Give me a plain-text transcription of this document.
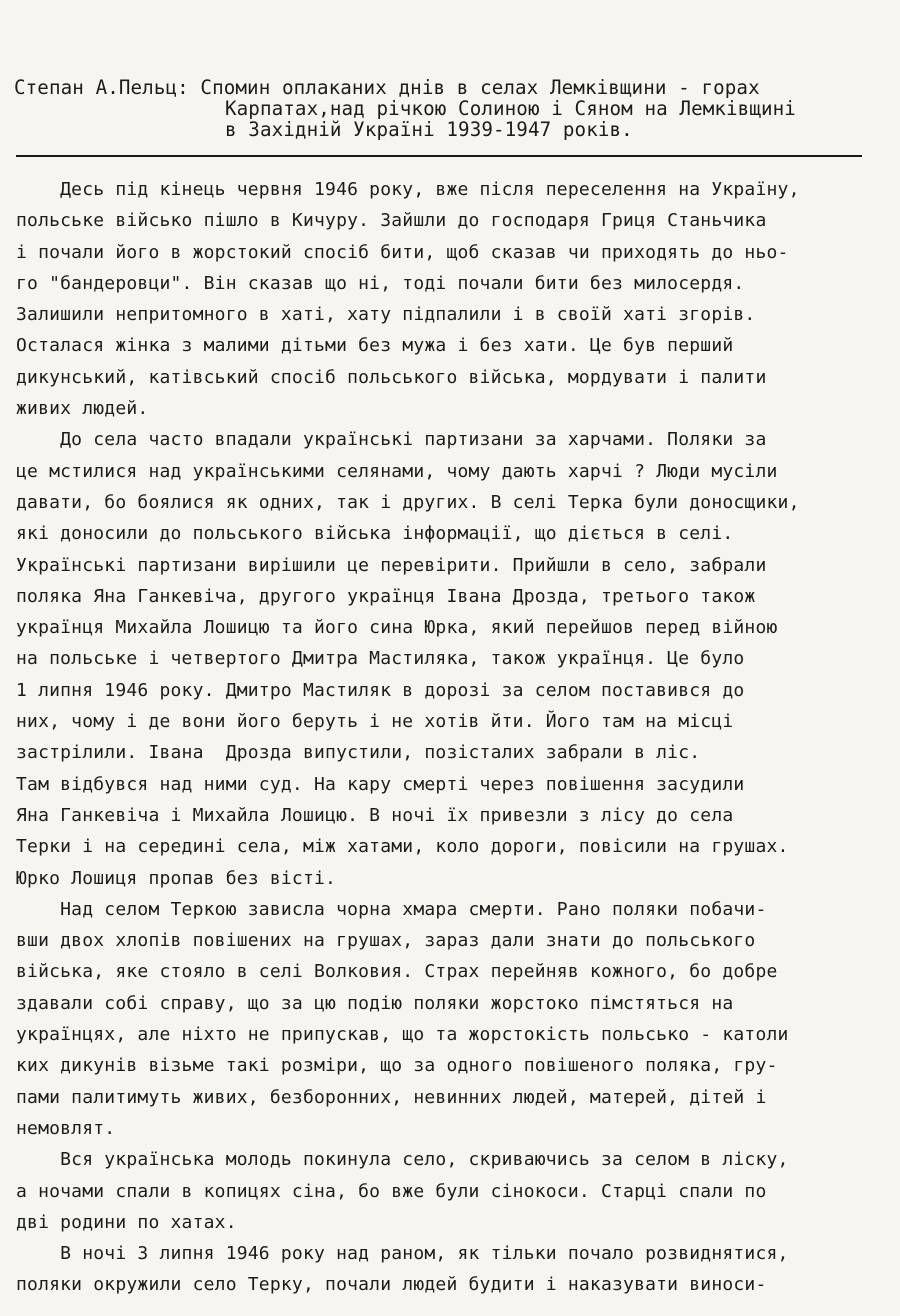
Степан А.Пельц: Спомин оплаканих днів в селах Лемківщини - горах
Карпатах,над річкою Солиною і Сяном на Лемківщині
в Західній Україні 1939-1947 років.
Десь під кінець червня 1946 року, вже після переселення на Україну,
польське військо пішло в Кичуру. Зайшли до господаря Гриця Станьчика
і почали його в жорстокий спосіб бити, щоб сказав чи приходять до ньо-
го "бандеровци". Він сказав що ні, тоді почали бити без милосердя.
Залишили непритомного в хаті, хату підпалили і в своїй хаті згорів.
Осталася жінка з малими дітьми без мужа і без хати. Це був перший
дикунський, катівський спосіб польського війська, мордувати і палити
живих людей.
До села часто впадали українські партизани за харчами. Поляки за
це мстилися над українськими селянами, чому дають харчі ? Люди мусіли
давати, бо боялися як одних, так і других. В селі Терка були доносщики,
які доносили до польського війська інформації, що діється в селі.
Українські партизани вирішили це перевірити. Прийшли в село, забрали
поляка Яна Ганкевіча, другого українця Івана Дрозда, третього також
українця Михайла Лошицю та його сина Юрка, який перейшов перед війною
на польське і четвертого Дмитра Мастиляка, також українця. Це було
1 липня 1946 року. Дмитро Мастиляк в дорозі за селом поставився до
них, чому і де вони його беруть і не хотів йти. Його там на місці
застрілили. Івана  Дрозда випустили, позісталих забрали в ліс.
Там відбувся над ними суд. На кару смерті через повішення засудили
Яна Ганкевіча і Михайла Лошицю. В ночі їх привезли з лісу до села
Терки і на середині села, між хатами, коло дороги, повісили на грушах.
Юрко Лошиця пропав без вісті.
Над селом Теркою зависла чорна хмара смерти. Рано поляки побачи-
вши двох хлопів повішених на грушах, зараз дали знати до польського
війська, яке стояло в селі Волковия. Страх перейняв кожного, бо добре
здавали собі справу, що за цю подію поляки жорстоко пімстяться на
українцях, але ніхто не припускав, що та жорстокість польсько - католи
ких дикунів візьме такі розміри, що за одного повішеного поляка, гру-
пами палитимуть живих, безборонних, невинних людей, матерей, дітей і
немовлят.
Вся українська молодь покинула село, скриваючись за селом в ліску,
а ночами спали в копицях сіна, бо вже були сінокоси. Старці спали по
дві родини по хатах.
В ночі 3 липня 1946 року над раном, як тільки почало розвиднятися,
поляки окружили село Терку, почали людей будити і наказувати виноси-
